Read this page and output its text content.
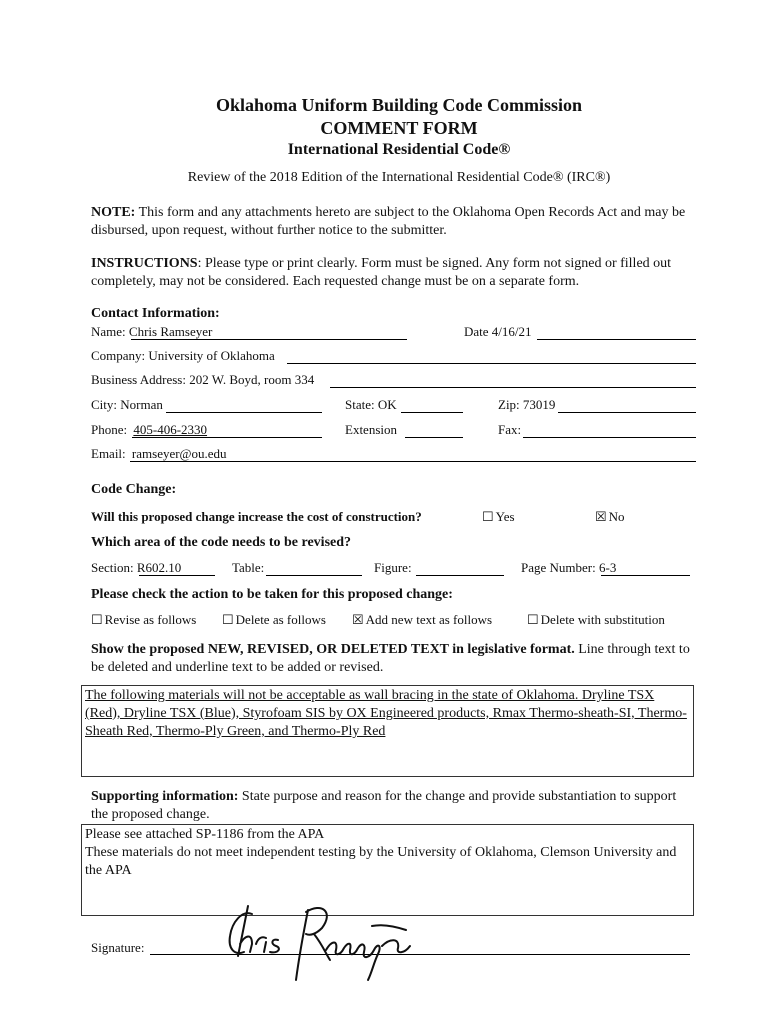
Oklahoma Uniform Building Code Commission
COMMENT FORM
International Residential Code®
Review of the 2018 Edition of the International Residential Code® (IRC®)
NOTE: This form and any attachments hereto are subject to the Oklahoma Open Records Act and may be disbursed, upon request, without further notice to the submitter.
INSTRUCTIONS: Please type or print clearly. Form must be signed. Any form not signed or filled out completely, may not be considered. Each requested change must be on a separate form.
Contact Information:
Name: Chris Ramseyer	Date 4/16/21
Company: University of Oklahoma
Business Address: 202 W. Boyd, room 334
City: Norman	State: OK	Zip: 73019
Phone: 405-406-2330	Extension	Fax:
Email: ramseyer@ou.edu
Code Change:
Will this proposed change increase the cost of construction?	☐ Yes	☒ No
Which area of the code needs to be revised?
Section: R602.10	Table:	Figure:	Page Number: 6-3
Please check the action to be taken for this proposed change:
☐ Revise as follows ☐ Delete as follows ☒ Add new text as follows	☐ Delete with substitution
Show the proposed NEW, REVISED, OR DELETED TEXT in legislative format. Line through text to be deleted and underline text to be added or revised.
The following materials will not be acceptable as wall bracing in the state of Oklahoma. Dryline TSX (Red), Dryline TSX (Blue), Styrofoam SIS by OX Engineered products, Rmax Thermo-sheath-SI, Thermo-Sheath Red, Thermo-Ply Green, and Thermo-Ply Red
Supporting information: State purpose and reason for the change and provide substantiation to support the proposed change.
Please see attached SP-1186 from the APA
These materials do not meet independent testing by the University of Oklahoma, Clemson University and the APA
Signature:
